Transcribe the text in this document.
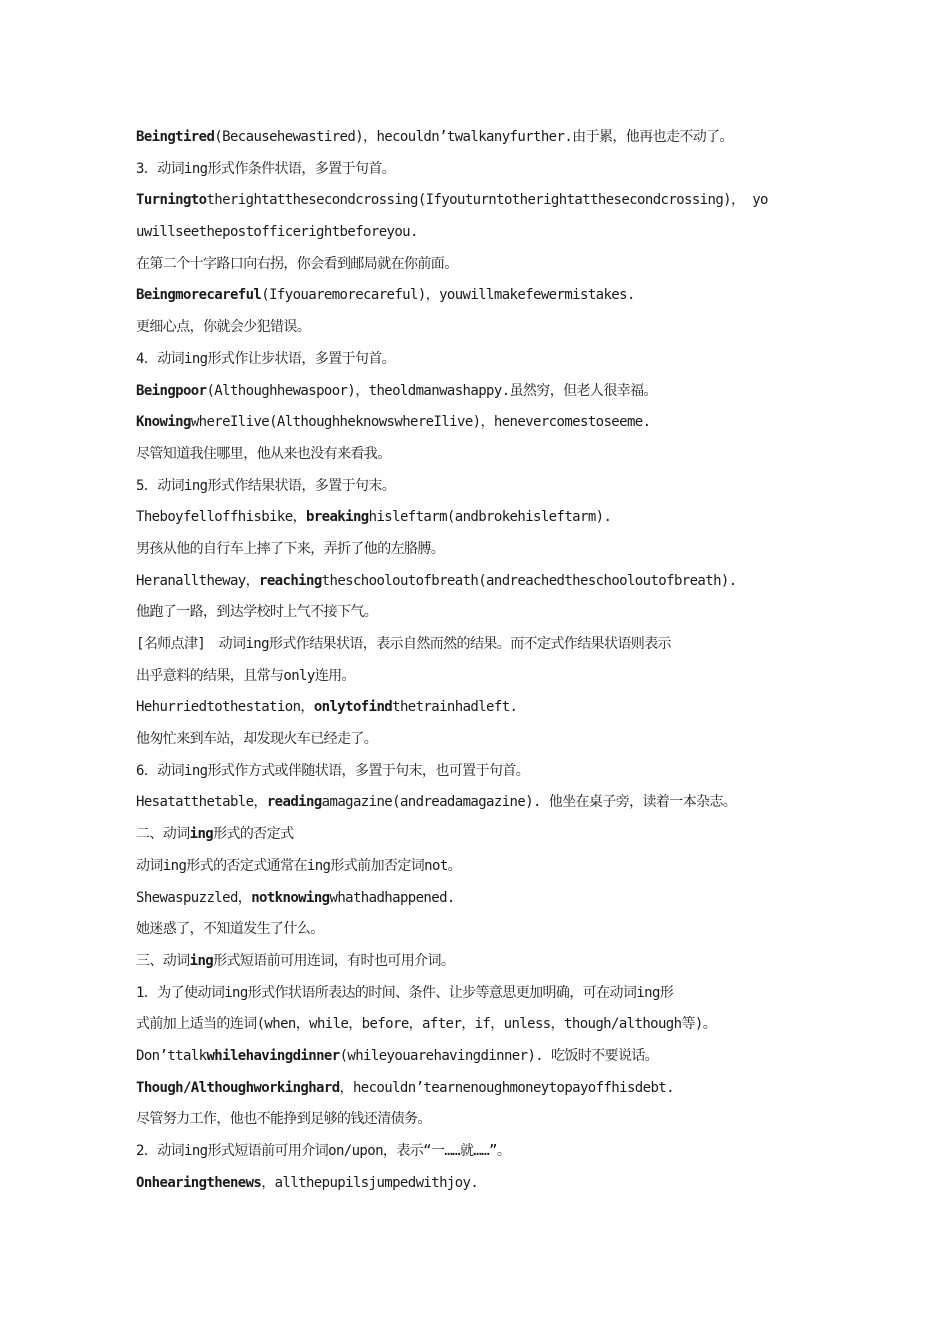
Beingtired(Becausehewastired)，hecouldn’twalkanyfurther.由于累，他再也走不动了。
3．动词ing形式作条件状语，多置于句首。
Turningtotherightatthesecondcrossing(Ifyouturntotherightatthesecondcrossing)， yo
uwillseethepostofficerightbeforeyou.
在第二个十字路口向右拐，你会看到邮局就在你前面。
Beingmorecareful(Ifyouaremorecareful)，youwillmakefewermistakes.
更细心点，你就会少犯错误。
4．动词ing形式作让步状语，多置于句首。
Beingpoor(Althoughhewaspoor)，theoldmanwashappy.虽然穷，但老人很幸福。
KnowingwhereIlive(AlthoughheknowswhereIlive)，henevercomestoseeme.
尽管知道我住哪里，他从来也没有来看我。
5．动词ing形式作结果状语，多置于句末。
Theboyfelloffhisbike，breakinghisleftarm(andbrokehisleftarm).
男孩从他的自行车上摔了下来，弄折了他的左胳膊。
Heranalltheway，reachingtheschooloutofbreath(andreachedtheschooloutofbreath).
他跑了一路，到达学校时上气不接下气。
[名师点津]　动词ing形式作结果状语，表示自然而然的结果。而不定式作结果状语则表示
出乎意料的结果，且常与only连用。
Hehurriedtothestation，onlytofindthetrainhadleft.
他匆忙来到车站，却发现火车已经走了。
6．动词ing形式作方式或伴随状语，多置于句末，也可置于句首。
Hesatatthetable，readingamagazine(andreadamagazine). 他坐在桌子旁，读着一本杂志。
二、动词ing形式的否定式
动词ing形式的否定式通常在ing形式前加否定词not。
Shewaspuzzled，notknowingwhathadhappened.
她迷惑了，不知道发生了什么。
三、动词ing形式短语前可用连词，有时也可用介词。
1．为了使动词ing形式作状语所表达的时间、条件、让步等意思更加明确，可在动词ing形
式前加上适当的连词(when，while，before，after，if，unless，though/although等)。
Don’ttalkwhilehavingdinner(whileyouarehavingdinner). 吃饭时不要说话。
Though/Althoughworkinghard，hecouldn’tearnenoughmoneytopayoffhisdebt.
尽管努力工作，他也不能挣到足够的钱还清债务。
2．动词ing形式短语前可用介词on/upon，表示“一……就……”。
Onhearingthenews，allthepupilsjumpedwithjoy.
